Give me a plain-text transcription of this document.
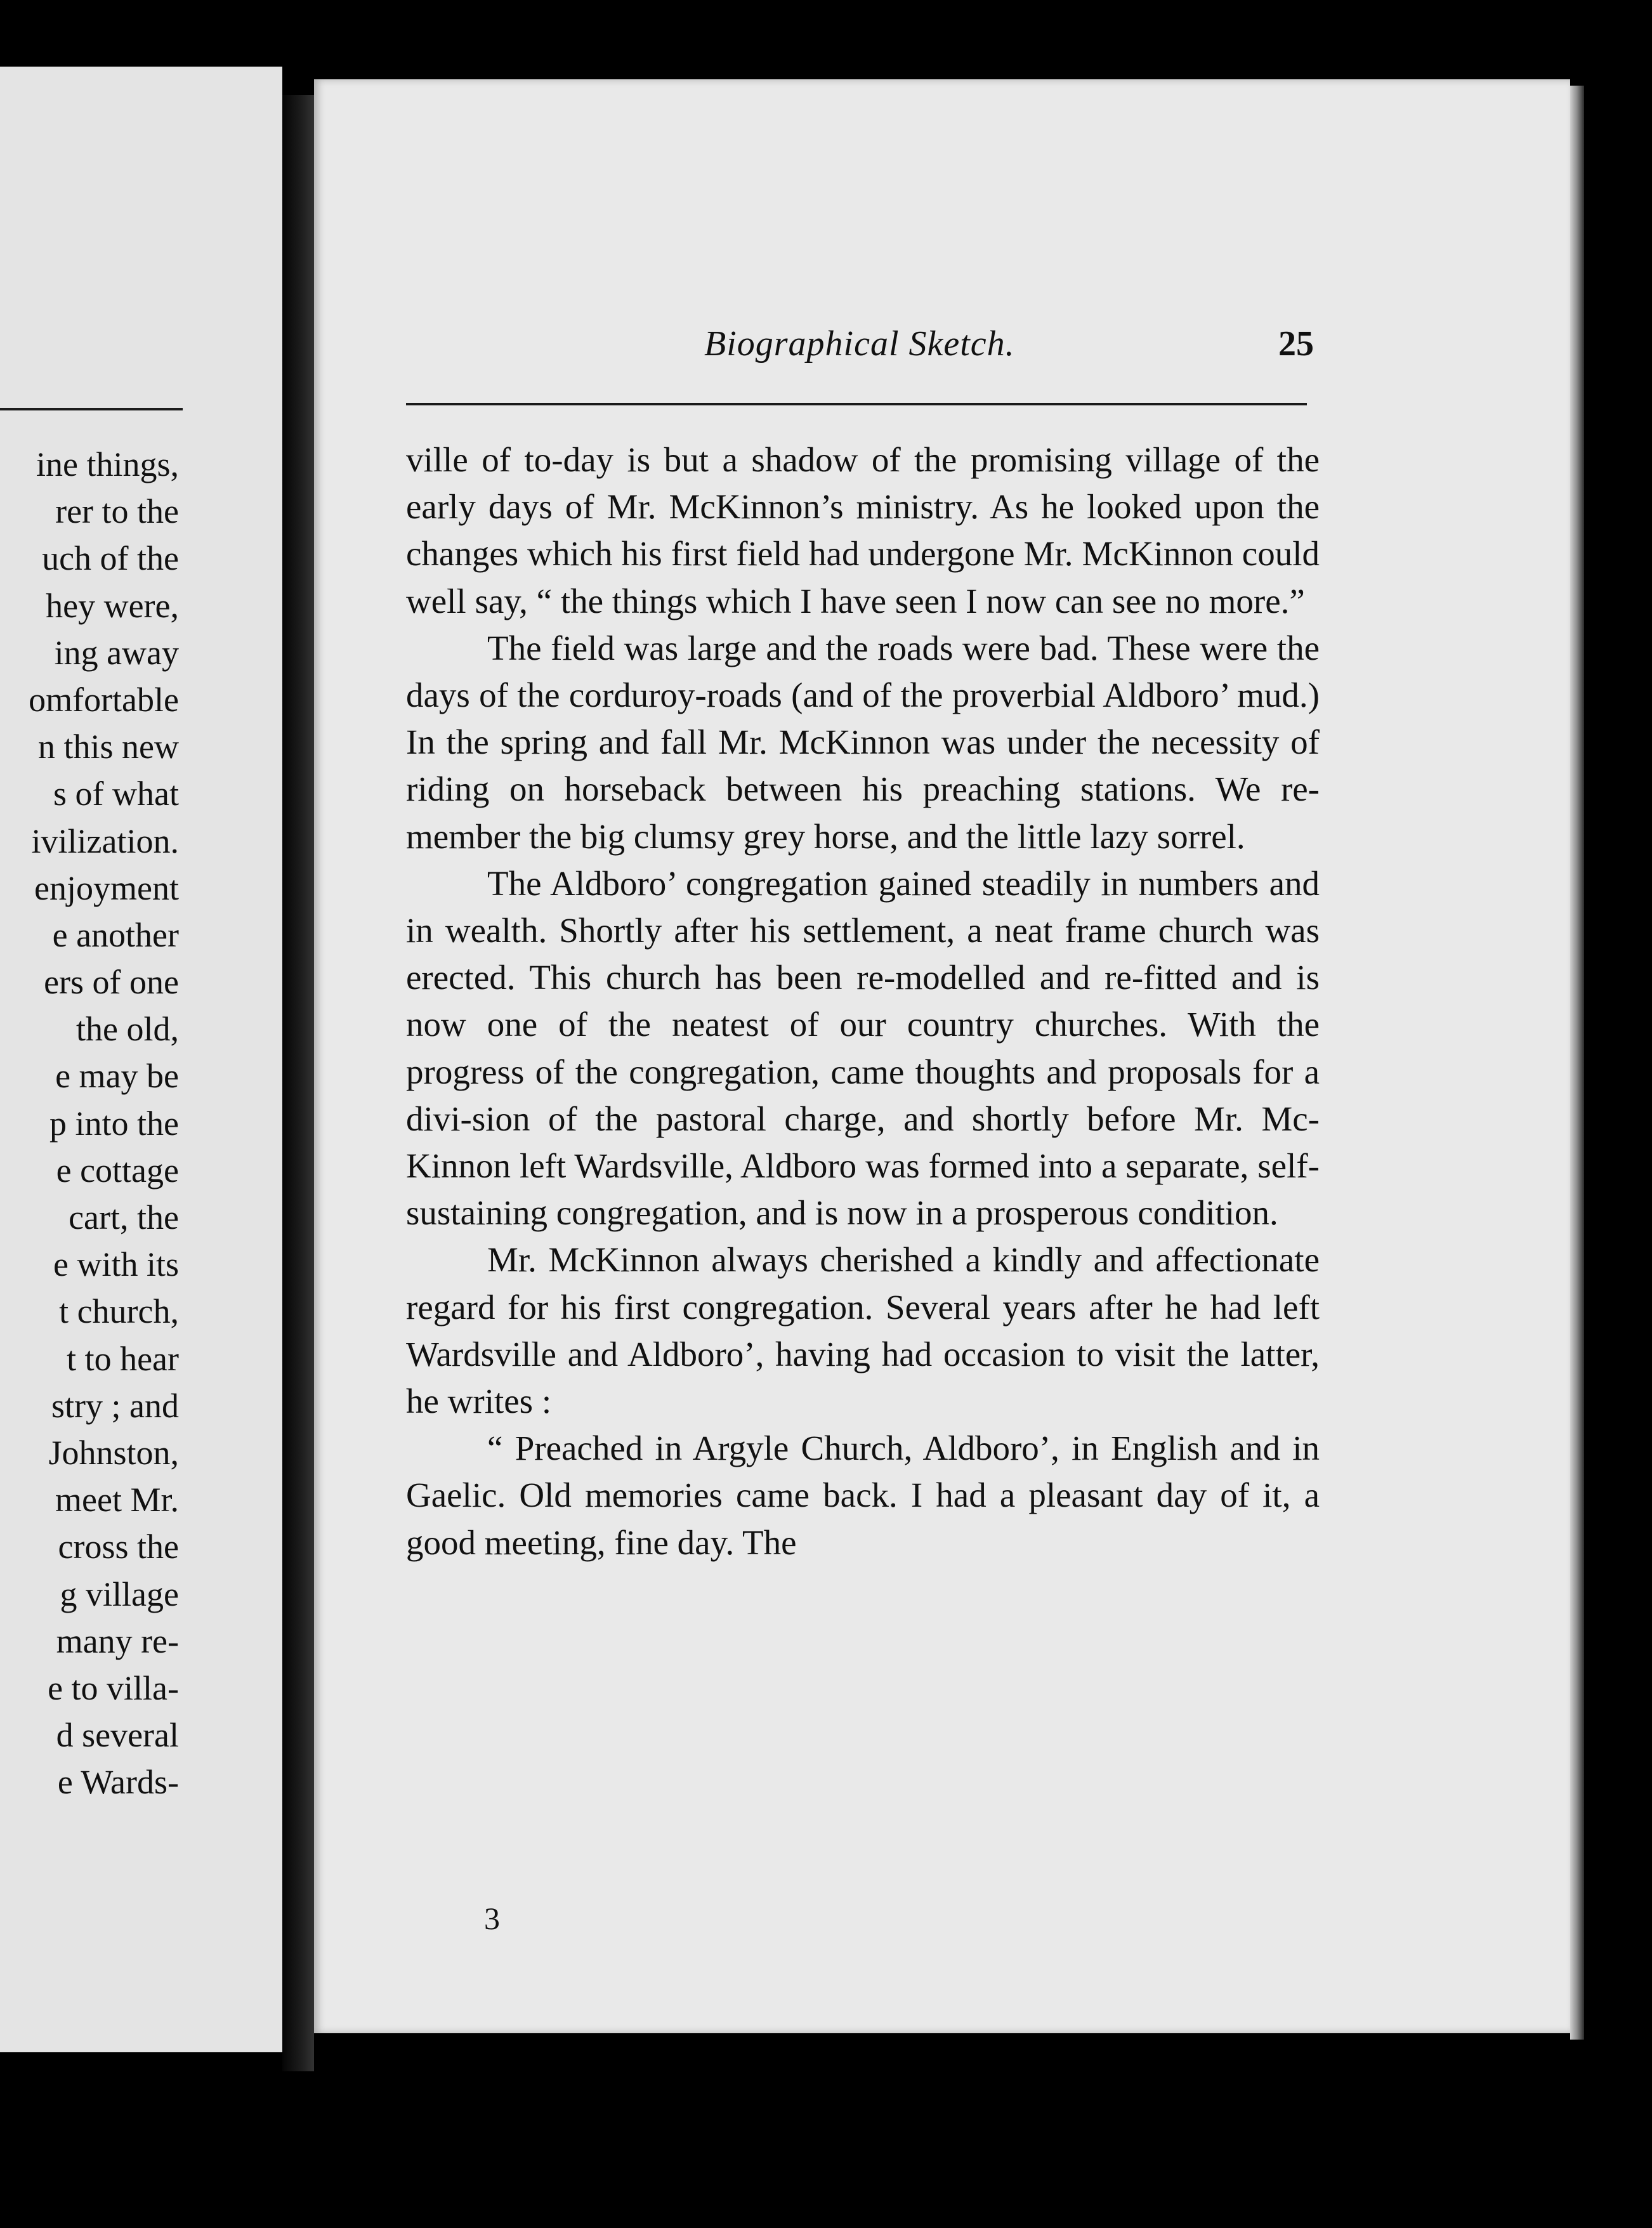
ine things,
rer to the
uch of the
hey were,
ing away
omfortable
n this new
s of what
ivilization.
enjoyment
e another
ers of one
the old,
e may be
p into the
e cottage
cart, the
e with its
t church,
t to hear
stry ; and
Johnston,
meet Mr.
cross the
g village
many re-
e to villa-
d several
e Wards-
Biographical Sketch.	25

ville of to-day is but a shadow of the promising village of the early days of Mr. McKinnon’s ministry. As he looked upon the changes which his first field had undergone Mr. McKinnon could well say, “ the things which I have seen I now can see no more.”

The field was large and the roads were bad. These were the days of the corduroy-roads (and of the proverbial Aldboro’ mud.) In the spring and fall Mr. McKinnon was under the necessity of riding on horseback between his preaching stations. We re-member the big clumsy grey horse, and the little lazy sorrel.

The Aldboro’ congregation gained steadily in numbers and in wealth. Shortly after his settlement, a neat frame church was erected. This church has been re-modelled and re-fitted and is now one of the neatest of our country churches. With the progress of the congregation, came thoughts and proposals for a divi-sion of the pastoral charge, and shortly before Mr. Mc-Kinnon left Wardsville, Aldboro was formed into a separate, self-sustaining congregation, and is now in a prosperous condition.

Mr. McKinnon always cherished a kindly and affectionate regard for his first congregation. Several years after he had left Wardsville and Aldboro’, having had occasion to visit the latter, he writes :

“ Preached in Argyle Church, Aldboro’, in English and in Gaelic. Old memories came back. I had a pleasant day of it, a good meeting, fine day. The

3
